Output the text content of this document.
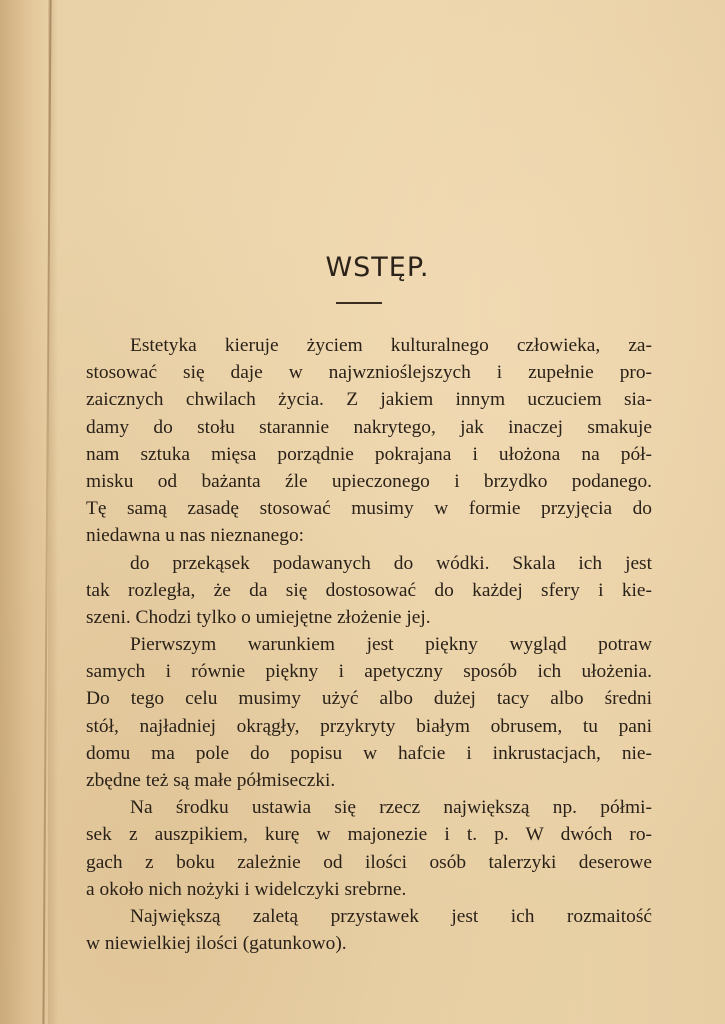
WSTĘP.
Estetyka kieruje życiem kulturalnego człowieka, za-
stosować się daje w najwznioślejszych i zupełnie pro-
zaicznych chwilach życia. Z jakiem innym uczuciem sia-
damy do stołu starannie nakrytego, jak inaczej smakuje
nam sztuka mięsa porządnie pokrajana i ułożona na pół-
misku od bażanta źle upieczonego i brzydko podanego.
Tę samą zasadę stosować musimy w formie przyjęcia do
niedawna u nas nieznanego:
do przekąsek podawanych do wódki. Skala ich jest
tak rozległa, że da się dostosować do każdej sfery i kie-
szeni. Chodzi tylko o umiejętne złożenie jej.
Pierwszym warunkiem jest piękny wygląd potraw
samych i równie piękny i apetyczny sposób ich ułożenia.
Do tego celu musimy użyć albo dużej tacy albo średni
stół, najładniej okrągły, przykryty białym obrusem, tu pani
domu ma pole do popisu w hafcie i inkrustacjach, nie-
zbędne też są małe półmiseczki.
Na środku ustawia się rzecz największą np. półmi-
sek z auszpikiem, kurę w majonezie i t. p. W dwóch ro-
gach z boku zależnie od ilości osób talerzyki deserowe
a około nich nożyki i widelczyki srebrne.
Największą zaletą przystawek jest ich rozmaitość
w niewielkiej ilości (gatunkowo).
